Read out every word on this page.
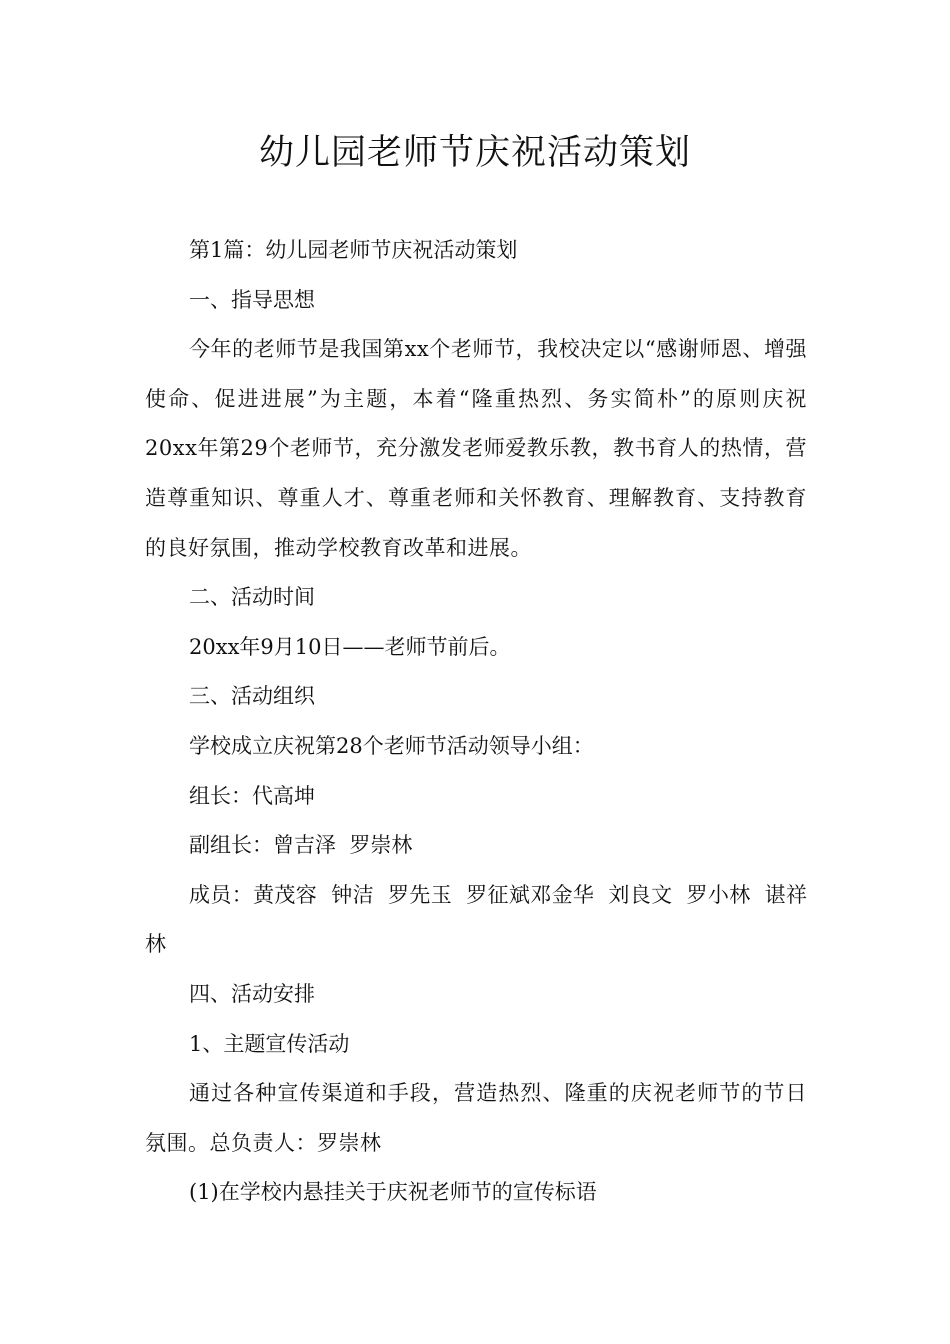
幼儿园老师节庆祝活动策划

第1篇：幼儿园老师节庆祝活动策划

一、指导思想

今年的老师节是我国第xx个老师节，我校决定以“感谢师恩、增强使命、促进进展”为主题，本着“隆重热烈、务实简朴”的原则庆祝20xx年第29个老师节，充分激发老师爱教乐教，教书育人的热情，营造尊重知识、尊重人才、尊重老师和关怀教育、理解教育、支持教育的良好氛围，推动学校教育改革和进展。

二、活动时间

20xx年9月10日——老师节前后。

三、活动组织

学校成立庆祝第28个老师节活动领导小组：

组长：代高坤

副组长：曾吉泽  罗崇林

成员：黄茂容  钟洁  罗先玉  罗征斌邓金华  刘良文  罗小林  谌祥林

四、活动安排

1、主题宣传活动

通过各种宣传渠道和手段，营造热烈、隆重的庆祝老师节的节日氛围。总负责人：罗崇林

(1)在学校内悬挂关于庆祝老师节的宣传标语
